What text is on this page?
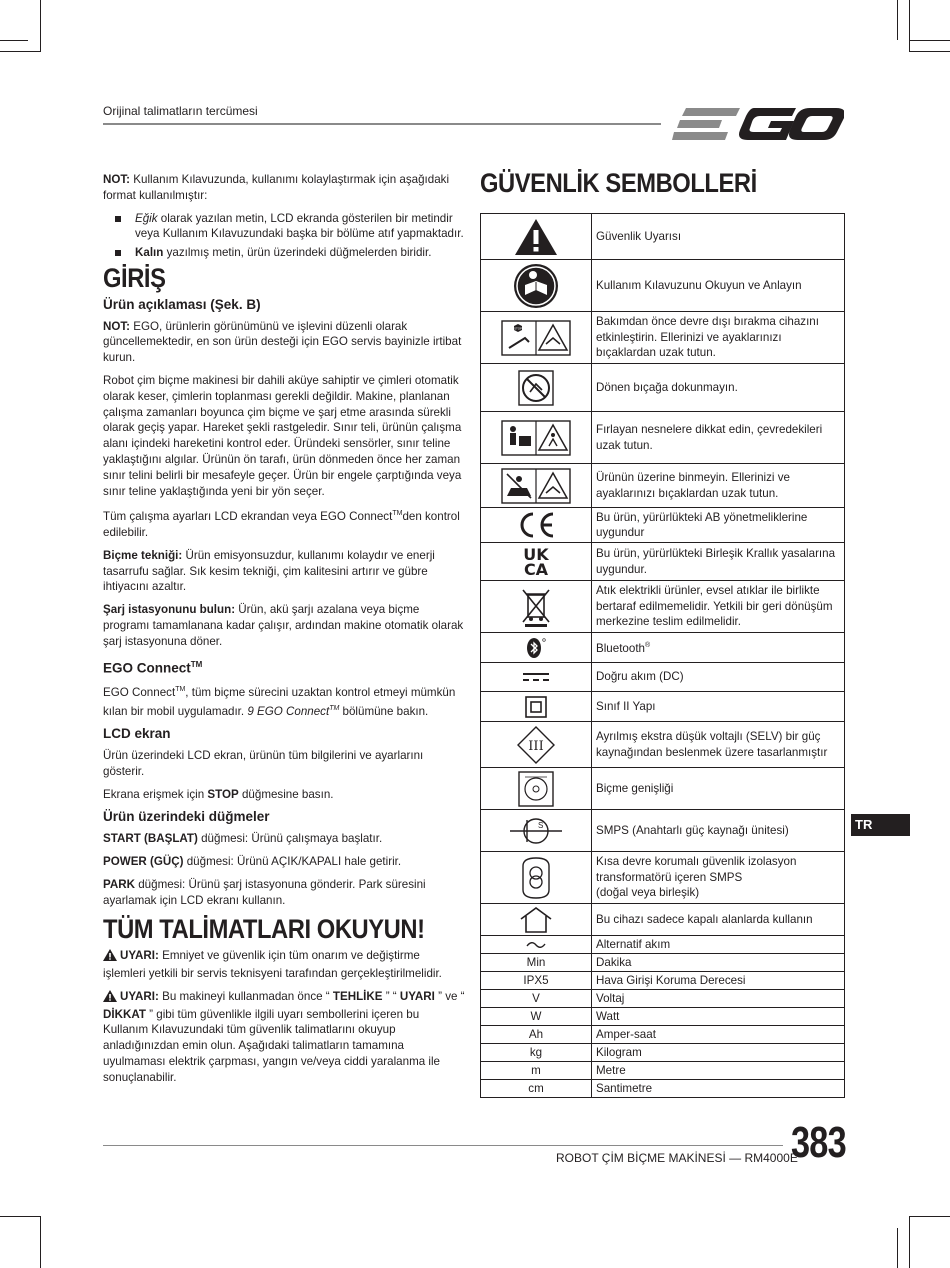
Orijinal talimatların tercümesi

NOT: Kullanım Kılavuzunda, kullanımı kolaylaştırmak için aşağıdaki format kullanılmıştır:

Eğik olarak yazılan metin, LCD ekranda gösterilen bir metindir veya Kullanım Kılavuzundaki başka bir bölüme atıf yapmaktadır.
Kalın yazılmış metin, ürün üzerindeki düğmelerden biridir.
GİRİŞ
Ürün açıklaması (Şek. B)

NOT: EGO, ürünlerin görünümünü ve işlevini düzenli olarak güncellemektedir, en son ürün desteği için EGO servis bayinizle irtibat kurun.

Robot çim biçme makinesi bir dahili aküye sahiptir ve çimleri otomatik olarak keser, çimlerin toplanması gerekli değildir. Makine, planlanan çalışma zamanları boyunca çim biçme ve şarj etme arasında sürekli olarak geçiş yapar. Hareket şekli rastgeledir. Sınır teli, ürünün çalışma alanı içindeki hareketini kontrol eder. Üründeki sensörler, sınır teline yaklaştığını algılar. Ürünün ön tarafı, ürün dönmeden önce her zaman sınır telini belirli bir mesafeyle geçer. Ürün bir engele çarptığında veya sınır teline yaklaştığında yeni bir yön seçer.

Tüm çalışma ayarları LCD ekrandan veya EGO Connect™den kontrol edilebilir.

Biçme tekniği: Ürün emisyonsuzdur, kullanımı kolaydır ve enerji tasarrufu sağlar. Sık kesim tekniği, çim kalitesini artırır ve gübre ihtiyacını azaltır.

Şarj istasyonunu bulun: Ürün, akü şarjı azalana veya biçme programı tamamlanana kadar çalışır, ardından makine otomatik olarak şarj istasyonuna döner.

EGO Connect™

EGO Connect™, tüm biçme sürecini uzaktan kontrol etmeyi mümkün kılan bir mobil uygulamadır. 9 EGO Connect™ bölümüne bakın.

LCD ekran

Ürün üzerindeki LCD ekran, ürünün tüm bilgilerini ve ayarlarını gösterir.

Ekrana erişmek için STOP düğmesine basın.

Ürün üzerindeki düğmeler

START (BAŞLAT) düğmesi: Ürünü çalışmaya başlatır.

POWER (GÜÇ) düğmesi: Ürünü AÇIK/KAPALI hale getirir.

PARK düğmesi: Ürünü şarj istasyonuna gönderir. Park süresini ayarlamak için LCD ekranı kullanın.

TÜM TALİMATLARI OKUYUN!

UYARI: Emniyet ve güvenlik için tüm onarım ve değiştirme işlemleri yetkili bir servis teknisyeni tarafından gerçekleştirilmelidir.

UYARI: Bu makineyi kullanmadan önce “ TEHLİKE ” “ UYARI ” ve “ DİKKAT ” gibi tüm güvenlikle ilgili uyarı sembollerini içeren bu Kullanım Kılavuzundaki tüm güvenlik talimatlarını okuyup anladığınızdan emin olun. Aşağıdaki talimatların tamamına uyulmaması elektrik çarpması, yangın ve/veya ciddi yaralanma ile sonuçlanabilir.

GÜVENLİK SEMBOLLERİ
	Güvenlik Uyarısı

	Kullanım Kılavuzunu Okuyun ve Anlayın

STOP	Bakımdan önce devre dışı bırakma cihazını etkinleştirin. Ellerinizi ve ayaklarınızı bıçaklardan uzak tutun.

	Dönen bıçağa dokunmayın.

	Fırlayan nesnelere dikkat edin, çevredekileri uzak tutun.

	Ürünün üzerine binmeyin. Ellerinizi ve ayaklarınızı bıçaklardan uzak tutun.

	Bu ürün, yürürlükteki AB yönetmeliklerine uygundur

UK
CA	Bu ürün, yürürlükteki Birleşik Krallık yasalarına uygundur.

	Atık elektrikli ürünler, evsel atıklar ile birlikte bertaraf edilmemelidir. Yetkili bir geri dönüşüm merkezine teslim edilmelidir.

	Bluetooth®

	Doğru akım (DC)

	Sınıf II Yapı

III	Ayrılmış ekstra düşük voltajlı (SELV) bir güç kaynağından beslenmek üzere tasarlanmıştır

	Biçme genişliği

S	SMPS (Anahtarlı güç kaynağı ünitesi)

	Kısa devre korumalı güvenlik izolasyon transformatörü içeren SMPS
(doğal veya birleşik)

	Bu cihazı sadece kapalı alanlarda kullanın

	Alternatif akım
Min	Dakika
IPX5	Hava Girişi Koruma Derecesi
V	Voltaj
W	Watt
Ah	Amper-saat
kg	Kilogram
m	Metre
cm	Santimetre
TR
ROBOT ÇİM BİÇME MAKİNESİ — RM4000E
383
